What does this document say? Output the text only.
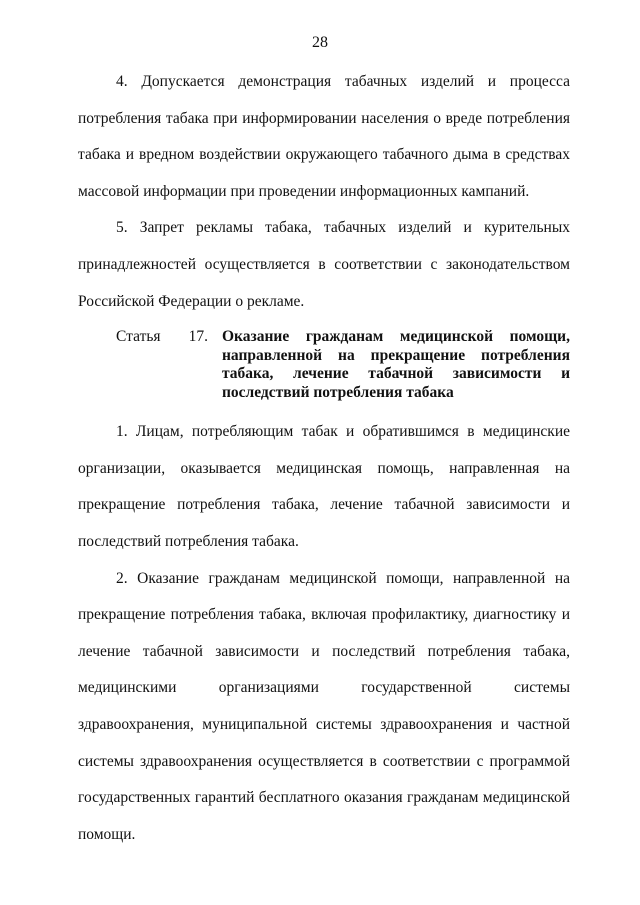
28

4. Допускается демонстрация табачных изделий и процесса потребления табака при информировании населения о вреде потребления табака и вредном воздействии окружающего табачного дыма в средствах массовой информации при проведении информационных кампаний.

5. Запрет рекламы табака, табачных изделий и курительных принадлежностей осуществляется в соответствии с законодательством Российской Федерации о рекламе.

Статья 17. Оказание гражданам медицинской помощи, направленной на прекращение потребления табака, лечение табачной зависимости и последствий потребления табака

1. Лицам, потребляющим табак и обратившимся в медицинские организации, оказывается медицинская помощь, направленная на прекращение потребления табака, лечение табачной зависимости и последствий потребления табака.

2. Оказание гражданам медицинской помощи, направленной на прекращение потребления табака, включая профилактику, диагностику и лечение табачной зависимости и последствий потребления табака, медицинскими организациями государственной системы здравоохранения, муниципальной системы здравоохранения и частной системы здравоохранения осуществляется в соответствии с программой государственных гарантий бесплатного оказания гражданам медицинской помощи.
